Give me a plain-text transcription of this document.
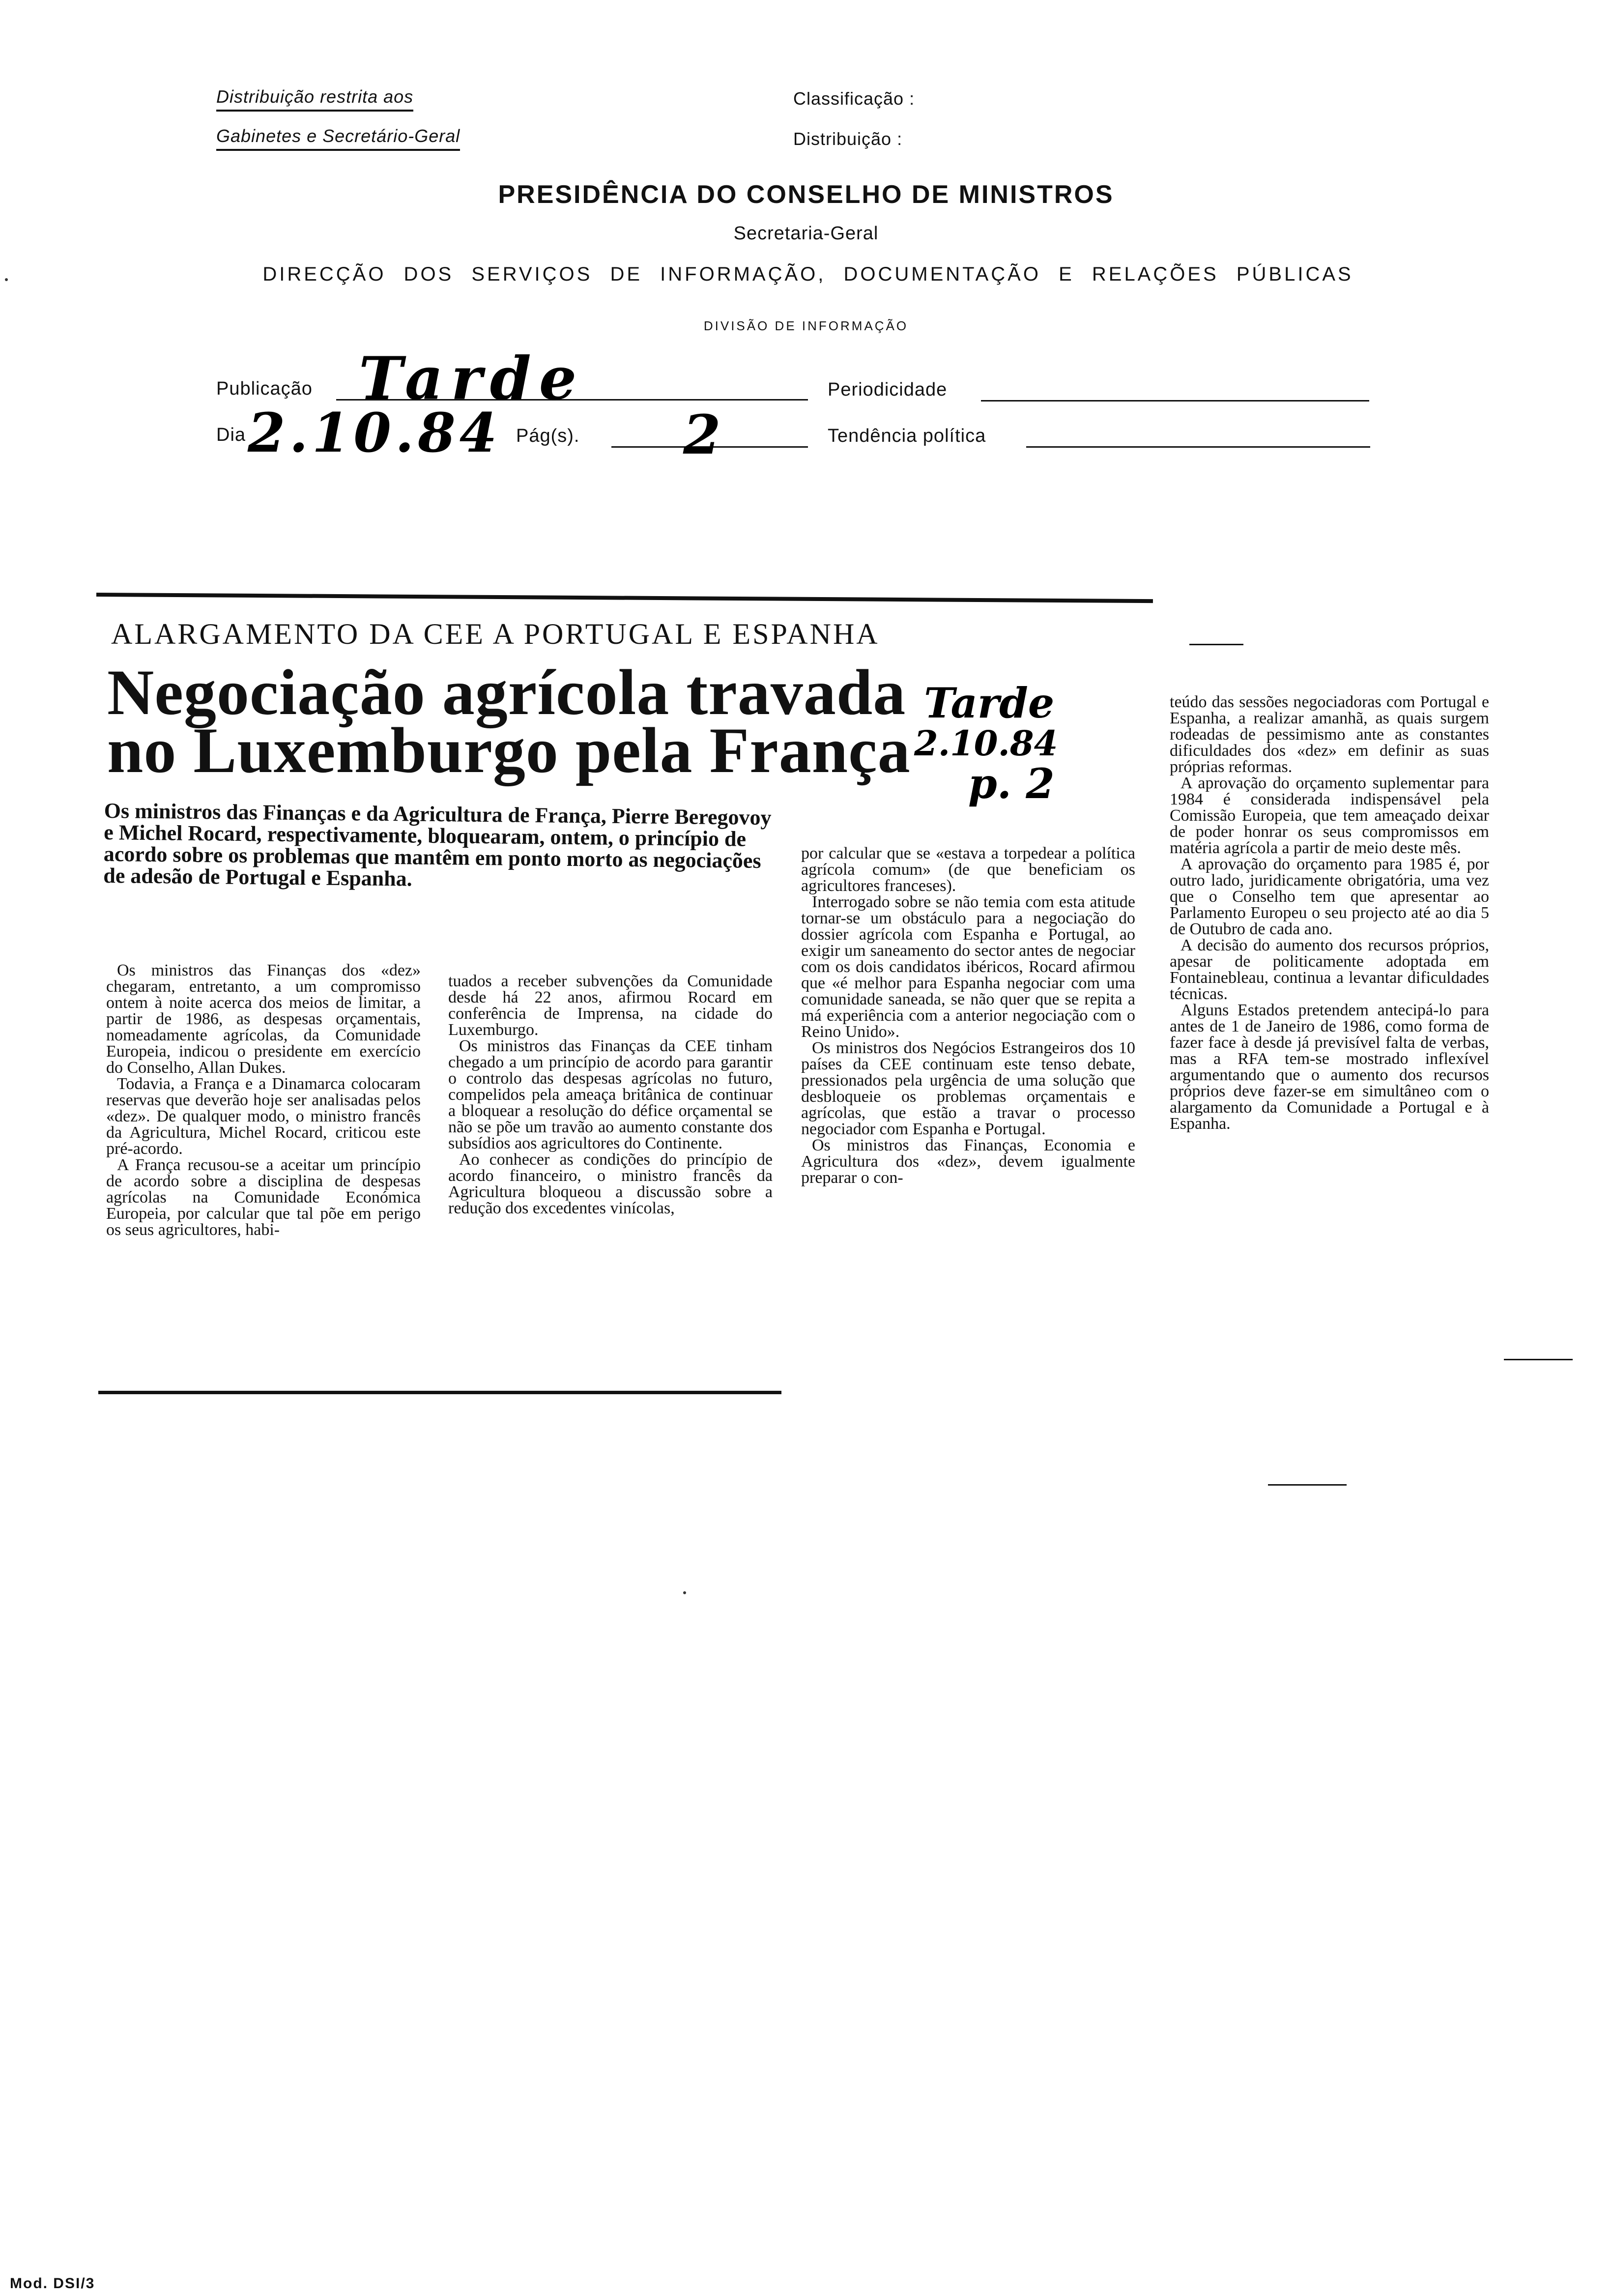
Distribuição restrita aos
Gabinetes e Secretário-Geral
Classificação :
Distribuição :
PRESIDÊNCIA DO CONSELHO DE MINISTROS
Secretaria-Geral
DIRECÇÃO DOS SERVIÇOS DE INFORMAÇÃO, DOCUMENTAÇÃO E RELAÇÕES PÚBLICAS
DIVISÃO DE INFORMAÇÃO
Publicação Tarde	Periodicidade
Dia 2.10.84 Pág(s). 2	Tendência política
ALARGAMENTO DA CEE A PORTUGAL E ESPANHA
Negociação agrícola travada
no Luxemburgo pela França
Tarde
2.10.84
p. 2
Os ministros das Finanças e da Agricultura de França, Pierre Beregovoy e Michel Rocard, respectivamente, bloquearam, ontem, o princípio de acordo sobre os problemas que mantêm em ponto morto as negociações de adesão de Portugal e Espanha.

Os ministros das Finanças dos «dez» chegaram, entretanto, a um compromisso ontem à noite acerca dos meios de limitar, a partir de 1986, as despesas orçamentais, nomeadamente agrícolas, da Comunidade Europeia, indicou o presidente em exercício do Conselho, Allan Dukes.

Todavia, a França e a Dinamarca colocaram reservas que deverão hoje ser analisadas pelos «dez». De qualquer modo, o ministro francês da Agricultura, Michel Rocard, criticou este pré-acordo.

A França recusou-se a aceitar um princípio de acordo sobre a disciplina de despesas agrícolas na Comunidade Económica Europeia, por calcular que tal põe em perigo os seus agricultores, habi-

tuados a receber subvenções da Comunidade desde há 22 anos, afirmou Rocard em conferência de Imprensa, na cidade do Luxemburgo.

Os ministros das Finanças da CEE tinham chegado a um princípio de acordo para garantir o controlo das despesas agrícolas no futuro, compelidos pela ameaça britânica de continuar a bloquear a resolução do défice orçamental se não se põe um travão ao aumento constante dos subsídios aos agricultores do Continente.

Ao conhecer as condições do princípio de acordo financeiro, o ministro francês da Agricultura bloqueou a discussão sobre a redução dos excedentes vinícolas,

por calcular que se «estava a torpedear a política agrícola comum» (de que beneficiam os agricultores franceses).

Interrogado sobre se não temia com esta atitude tornar-se um obstáculo para a negociação do dossier agrícola com Espanha e Portugal, ao exigir um saneamento do sector antes de negociar com os dois candidatos ibéricos, Rocard afirmou que «é melhor para Espanha negociar com uma comunidade saneada, se não quer que se repita a má experiência com a anterior negociação com o Reino Unido».

Os ministros dos Negócios Estrangeiros dos 10 países da CEE continuam este tenso debate, pressionados pela urgência de uma solução que desbloqueie os problemas orçamentais e agrícolas, que estão a travar o processo negociador com Espanha e Portugal.

Os ministros das Finanças, Economia e Agricultura dos «dez», devem igualmente preparar o con-

teúdo das sessões negociadoras com Portugal e Espanha, a realizar amanhã, as quais surgem rodeadas de pessimismo ante as constantes dificuldades dos «dez» em definir as suas próprias reformas.

A aprovação do orçamento suplementar para 1984 é considerada indispensável pela Comissão Europeia, que tem ameaçado deixar de poder honrar os seus compromissos em matéria agrícola a partir de meio deste mês.

A aprovação do orçamento para 1985 é, por outro lado, juridicamente obrigatória, uma vez que o Conselho tem que apresentar ao Parlamento Europeu o seu projecto até ao dia 5 de Outubro de cada ano.

A decisão do aumento dos recursos próprios, apesar de politicamente adoptada em Fontainebleau, continua a levantar dificuldades técnicas.

Alguns Estados pretendem antecipá-lo para antes de 1 de Janeiro de 1986, como forma de fazer face à desde já previsível falta de verbas, mas a RFA tem-se mostrado inflexível argumentando que o aumento dos recursos próprios deve fazer-se em simultâneo com o alargamento da Comunidade a Portugal e à Espanha.

Mod. DSI/3
